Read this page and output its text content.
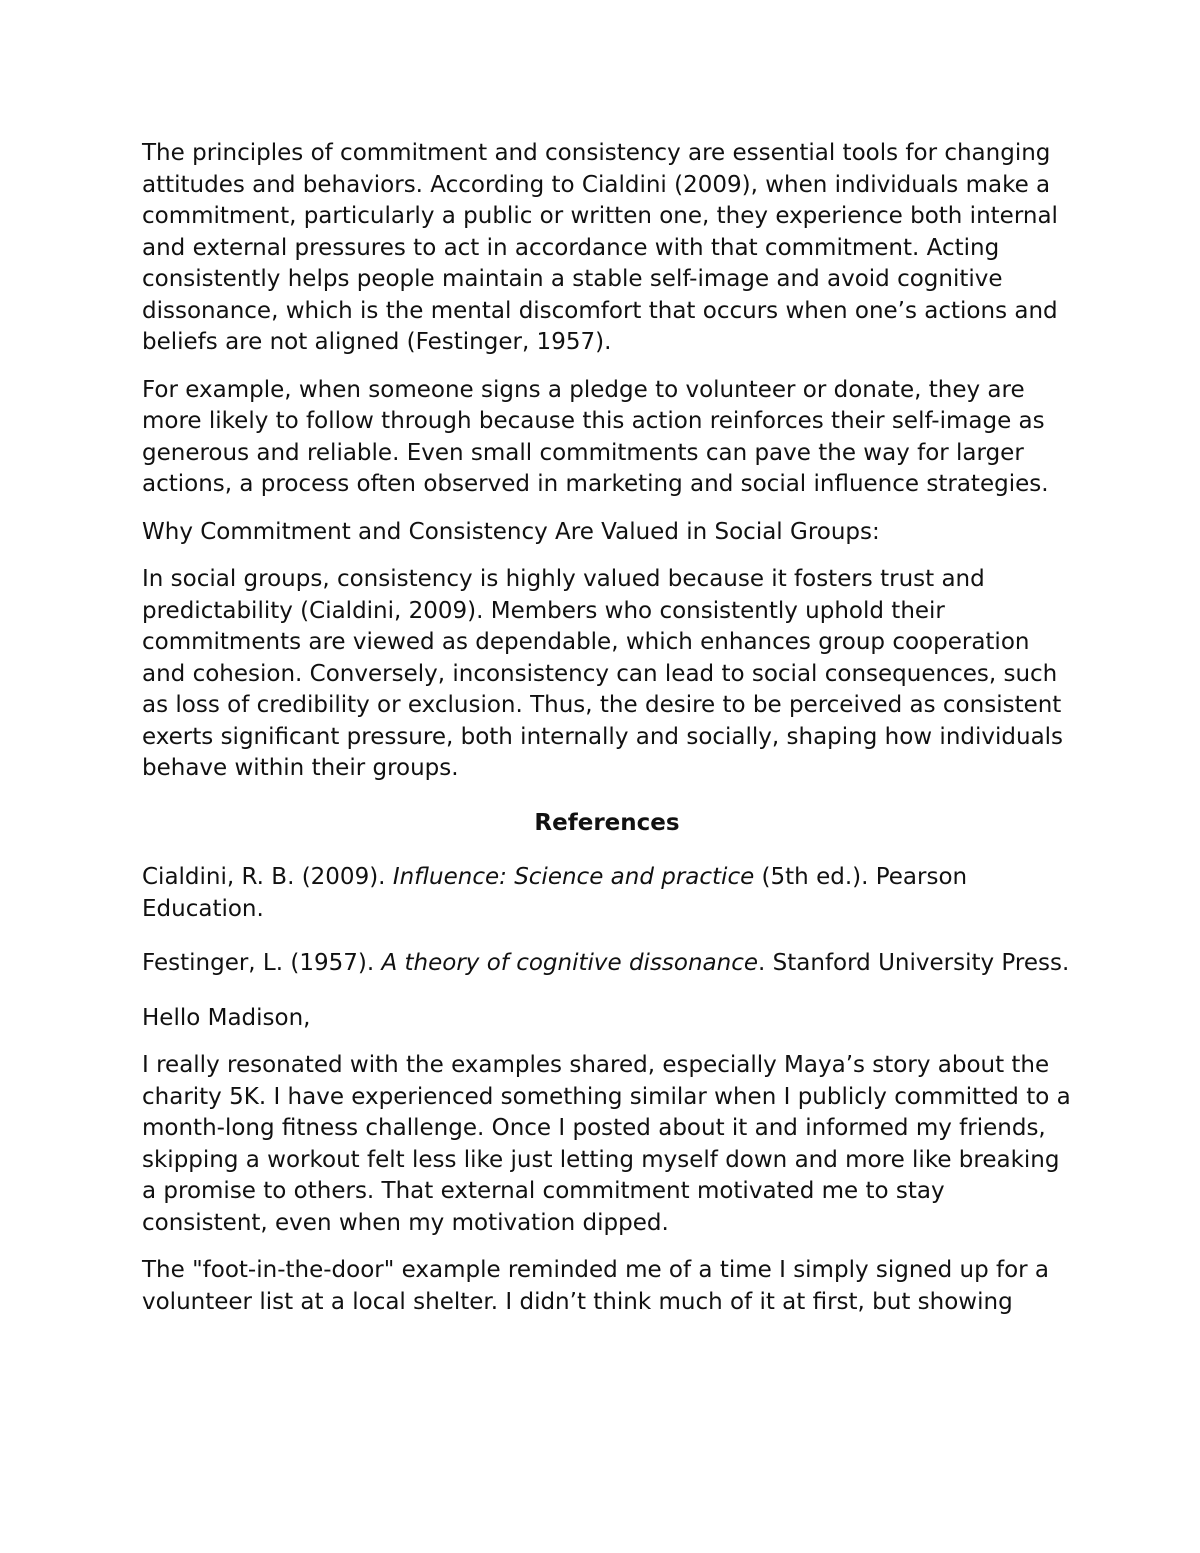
The principles of commitment and consistency are essential tools for changing attitudes and behaviors. According to Cialdini (2009), when individuals make a commitment, particularly a public or written one, they experience both internal and external pressures to act in accordance with that commitment. Acting consistently helps people maintain a stable self-image and avoid cognitive dissonance, which is the mental discomfort that occurs when one’s actions and beliefs are not aligned (Festinger, 1957).

For example, when someone signs a pledge to volunteer or donate, they are more likely to follow through because this action reinforces their self-image as generous and reliable. Even small commitments can pave the way for larger actions, a process often observed in marketing and social influence strategies.

Why Commitment and Consistency Are Valued in Social Groups:

In social groups, consistency is highly valued because it fosters trust and predictability (Cialdini, 2009). Members who consistently uphold their commitments are viewed as dependable, which enhances group cooperation and cohesion. Conversely, inconsistency can lead to social consequences, such as loss of credibility or exclusion. Thus, the desire to be perceived as consistent exerts significant pressure, both internally and socially, shaping how individuals behave within their groups.

References

Cialdini, R. B. (2009). Influence: Science and practice (5th ed.). Pearson Education.

Festinger, L. (1957). A theory of cognitive dissonance. Stanford University Press.

Hello Madison,

I really resonated with the examples shared, especially Maya’s story about the charity 5K. I have experienced something similar when I publicly committed to a month-long fitness challenge. Once I posted about it and informed my friends, skipping a workout felt less like just letting myself down and more like breaking a promise to others. That external commitment motivated me to stay consistent, even when my motivation dipped.

The "foot-in-the-door" example reminded me of a time I simply signed up for a volunteer list at a local shelter. I didn’t think much of it at first, but showing
